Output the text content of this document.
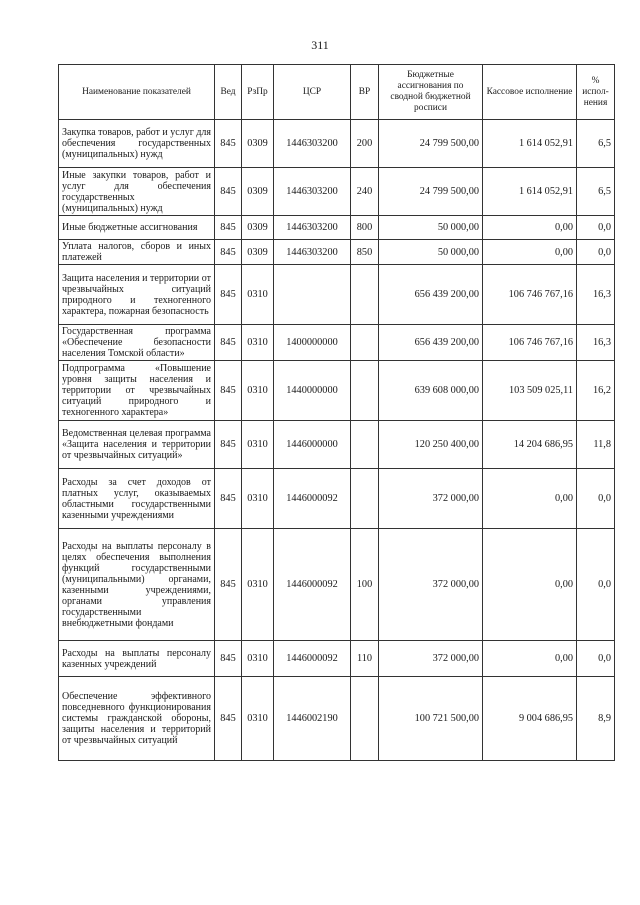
311
Наименование показателей	Вед	РзПр	ЦСР	ВР	Бюджетные ассигнования по сводной бюджетной росписи	Кассовое исполнение	% испол-нения
Закупка товаров, работ и услуг для обеспечения государственных (муниципальных) нужд	845	0309	1446303200	200	24 799 500,00	1 614 052,91	6,5
Иные закупки товаров, работ и услуг для обеспечения государственных (муниципальных) нужд	845	0309	1446303200	240	24 799 500,00	1 614 052,91	6,5
Иные бюджетные ассигнования	845	0309	1446303200	800	50 000,00	0,00	0,0
Уплата налогов, сборов и иных платежей	845	0309	1446303200	850	50 000,00	0,00	0,0
Защита населения и территории от чрезвычайных ситуаций природного и техногенного характера, пожарная безопасность	845	0310			656 439 200,00	106 746 767,16	16,3
Государственная программа «Обеспечение безопасности населения Томской области»	845	0310	1400000000		656 439 200,00	106 746 767,16	16,3
Подпрограмма «Повышение уровня защиты населения и территории от чрезвычайных ситуаций природного и техногенного характера»	845	0310	1440000000		639 608 000,00	103 509 025,11	16,2
Ведомственная целевая программа «Защита населения и территории от чрезвычайных ситуаций»	845	0310	1446000000		120 250 400,00	14 204 686,95	11,8
Расходы за счет доходов от платных услуг, оказываемых областными государственными казенными учреждениями	845	0310	1446000092		372 000,00	0,00	0,0
Расходы на выплаты персоналу в целях обеспечения выполнения функций государственными (муниципальными) органами, казенными учреждениями, органами управления государственными внебюджетными фондами	845	0310	1446000092	100	372 000,00	0,00	0,0
Расходы на выплаты персоналу казенных учреждений	845	0310	1446000092	110	372 000,00	0,00	0,0
Обеспечение эффективного повседневного функционирования системы гражданской обороны, защиты населения и территорий от чрезвычайных ситуаций	845	0310	1446002190		100 721 500,00	9 004 686,95	8,9
